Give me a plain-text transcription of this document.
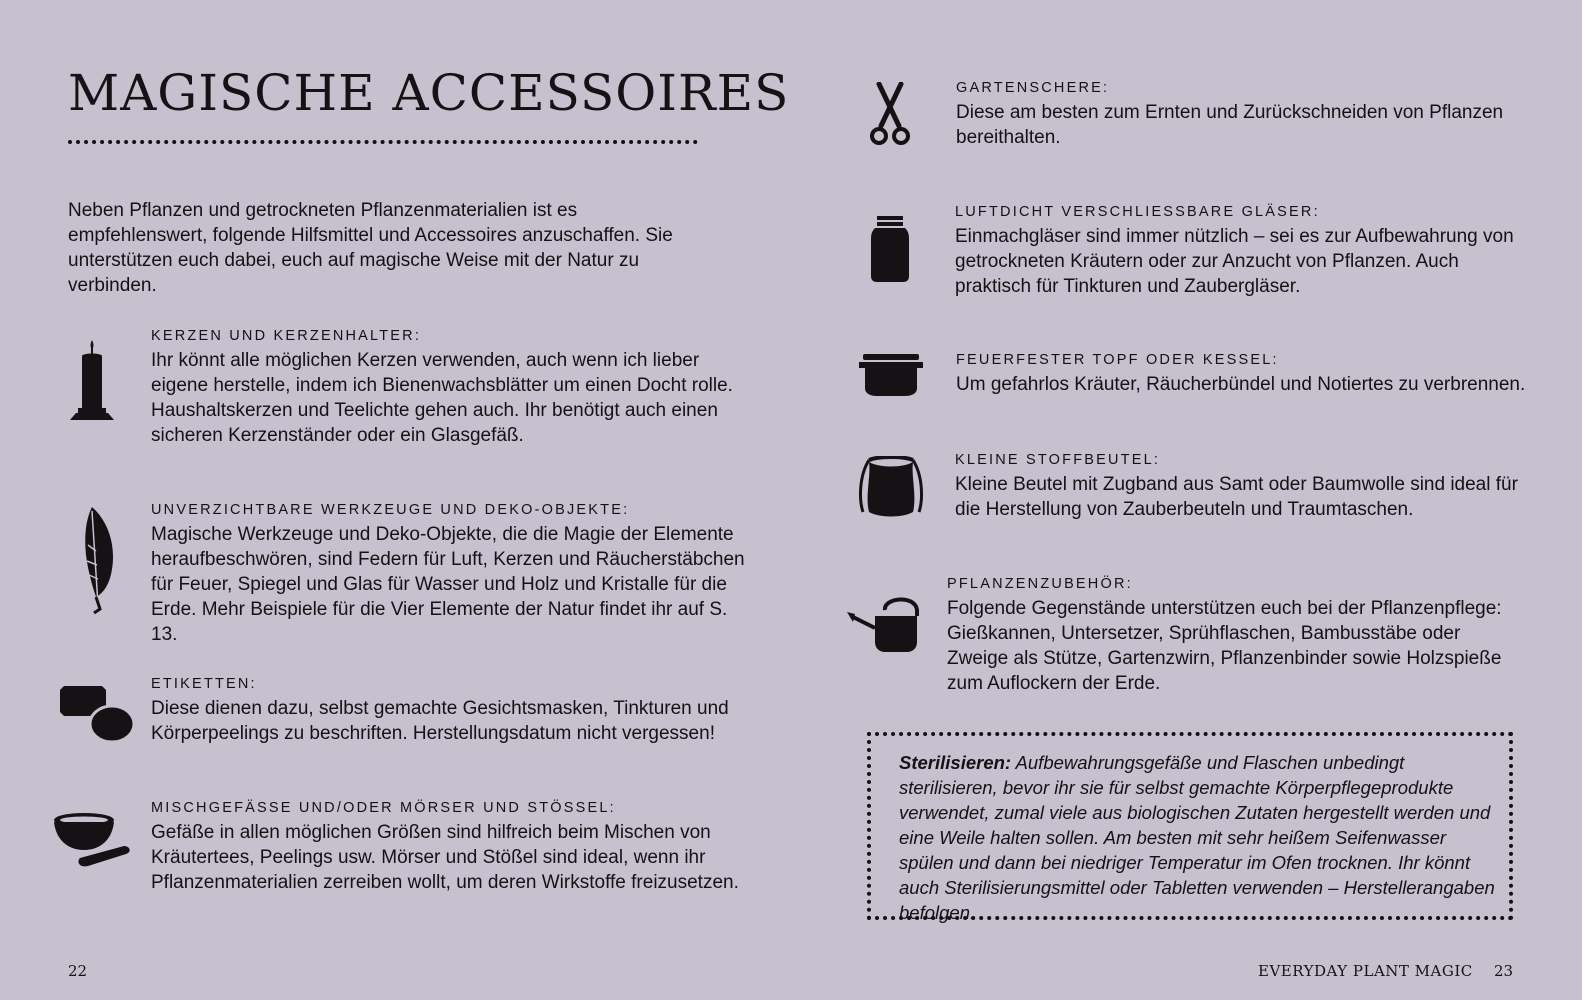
MAGISCHE ACCESSOIRES

Neben Pflanzen und getrockneten Pflanzenmaterialien ist es empfehlenswert, folgende Hilfsmittel und Accessoires anzuschaffen. Sie unterstützen euch dabei, euch auf magische Weise mit der Natur zu verbinden.

KERZEN UND KERZENHALTER:

Ihr könnt alle möglichen Kerzen verwenden, auch wenn ich lieber eigene herstelle, indem ich Bienenwachsblätter um einen Docht rolle. Haushaltskerzen und Teelichte gehen auch. Ihr benötigt auch einen sicheren Kerzenständer oder ein Glasgefäß.

UNVERZICHTBARE WERKZEUGE UND DEKO-OBJEKTE:

Magische Werkzeuge und Deko-Objekte, die die Magie der Elemente heraufbeschwören, sind Federn für Luft, Kerzen und Räucherstäbchen für Feuer, Spiegel und Glas für Wasser und Holz und Kristalle für die Erde. Mehr Beispiele für die Vier Elemente der Natur findet ihr auf S. 13.

ETIKETTEN:

Diese dienen dazu, selbst gemachte Gesichtsmasken, Tinkturen und Körperpeelings zu beschriften. Herstellungsdatum nicht vergessen!

MISCHGEFÄSSE UND/ODER MÖRSER UND STÖSSEL:

Gefäße in allen möglichen Größen sind hilfreich beim Mischen von Kräutertees, Peelings usw. Mörser und Stößel sind ideal, wenn ihr Pflanzenmaterialien zerreiben wollt, um deren Wirkstoffe freizusetzen.

GARTENSCHERE:

Diese am besten zum Ernten und Zurückschneiden von Pflanzen bereithalten.

LUFTDICHT VERSCHLIESSBARE GLÄSER:

Einmachgläser sind immer nützlich – sei es zur Aufbewahrung von getrockneten Kräutern oder zur Anzucht von Pflanzen. Auch praktisch für Tinkturen und Zaubergläser.

FEUERFESTER TOPF ODER KESSEL:

Um gefahrlos Kräuter, Räucherbündel und Notiertes zu verbrennen.

KLEINE STOFFBEUTEL:

Kleine Beutel mit Zugband aus Samt oder Baumwolle sind ideal für die Herstellung von Zauberbeuteln und Traumtaschen.

PFLANZENZUBEHÖR:

Folgende Gegenstände unterstützen euch bei der Pflanzenpflege: Gießkannen, Untersetzer, Sprühflaschen, Bambusstäbe oder Zweige als Stütze, Gartenzwirn, Pflanzenbinder sowie Holzspieße zum Auflockern der Erde.

Sterilisieren: Aufbewahrungsgefäße und Flaschen unbedingt sterilisieren, bevor ihr sie für selbst gemachte Körperpflegeprodukte verwendet, zumal viele aus biologischen Zutaten hergestellt werden und eine Weile halten sollen. Am besten mit sehr heißem Seifenwasser spülen und dann bei niedriger Temperatur im Ofen trocknen. Ihr könnt auch Sterilisierungsmittel oder Tabletten verwenden – Herstellerangaben befolgen.

22	EVERYDAY PLANT MAGIC 23
